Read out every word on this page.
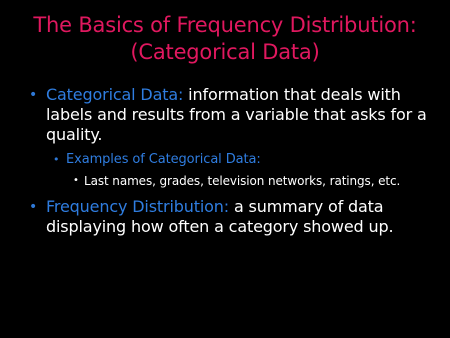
The Basics of Frequency Distribution:
(Categorical Data)
• Categorical Data: information that deals with labels and results from a variable that asks for a quality.
• Examples of Categorical Data:
• Last names, grades, television networks, ratings, etc.
• Frequency Distribution: a summary of data displaying how often a category showed up.
